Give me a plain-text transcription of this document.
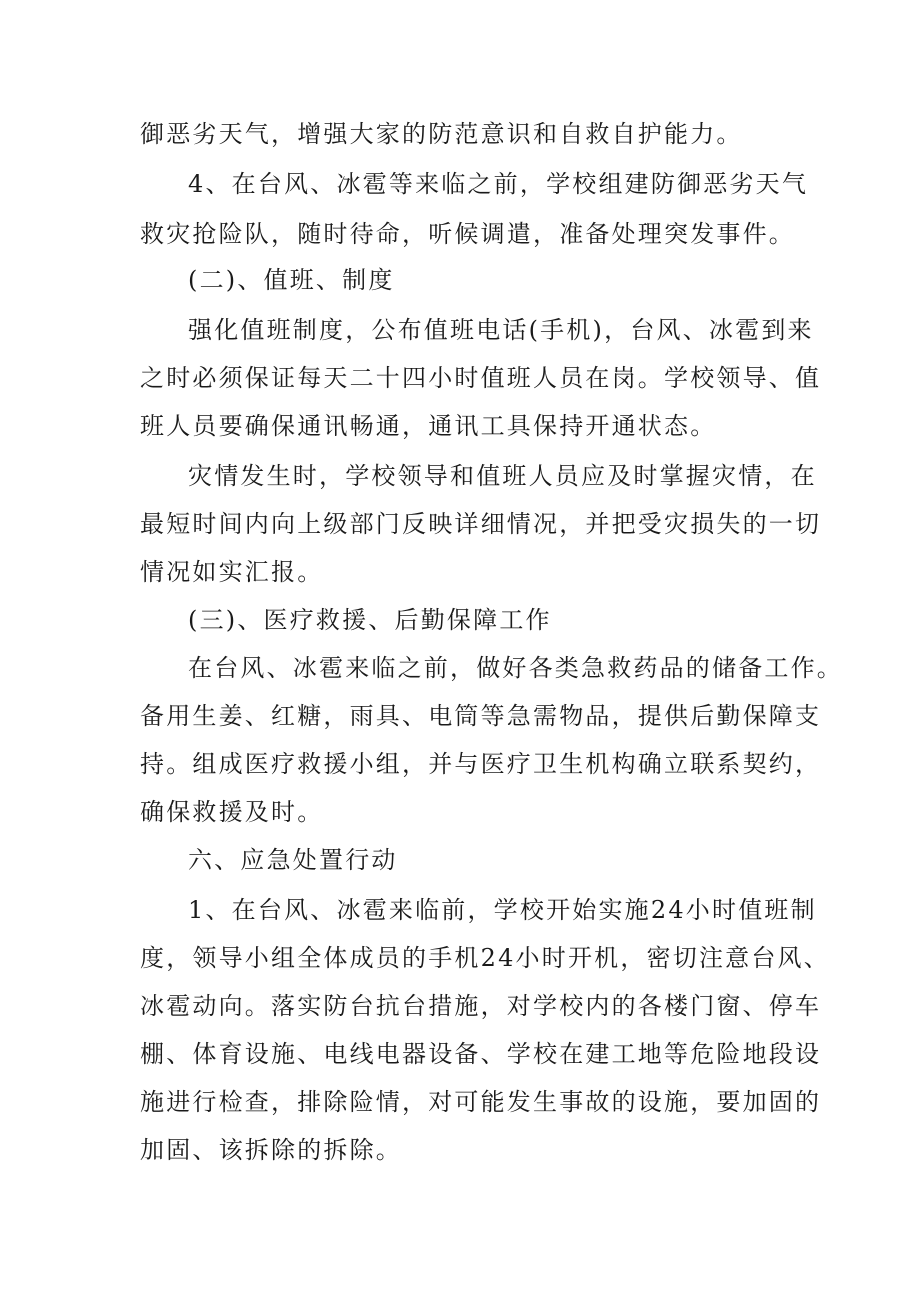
御恶劣天气，增强大家的防范意识和自救自护能力。
4、在台风、冰雹等来临之前，学校组建防御恶劣天气
救灾抢险队，随时待命，听候调遣，准备处理突发事件。
(二)、值班、制度
强化值班制度，公布值班电话(手机)，台风、冰雹到来
之时必须保证每天二十四小时值班人员在岗。学校领导、值
班人员要确保通讯畅通，通讯工具保持开通状态。
灾情发生时，学校领导和值班人员应及时掌握灾情，在
最短时间内向上级部门反映详细情况，并把受灾损失的一切
情况如实汇报。
(三)、医疗救援、后勤保障工作
在台风、冰雹来临之前，做好各类急救药品的储备工作。
备用生姜、红糖，雨具、电筒等急需物品，提供后勤保障支
持。组成医疗救援小组，并与医疗卫生机构确立联系契约，
确保救援及时。
六、应急处置行动
1、在台风、冰雹来临前，学校开始实施24小时值班制
度，领导小组全体成员的手机24小时开机，密切注意台风、
冰雹动向。落实防台抗台措施，对学校内的各楼门窗、停车
棚、体育设施、电线电器设备、学校在建工地等危险地段设
施进行检查，排除险情，对可能发生事故的设施，要加固的
加固、该拆除的拆除。
